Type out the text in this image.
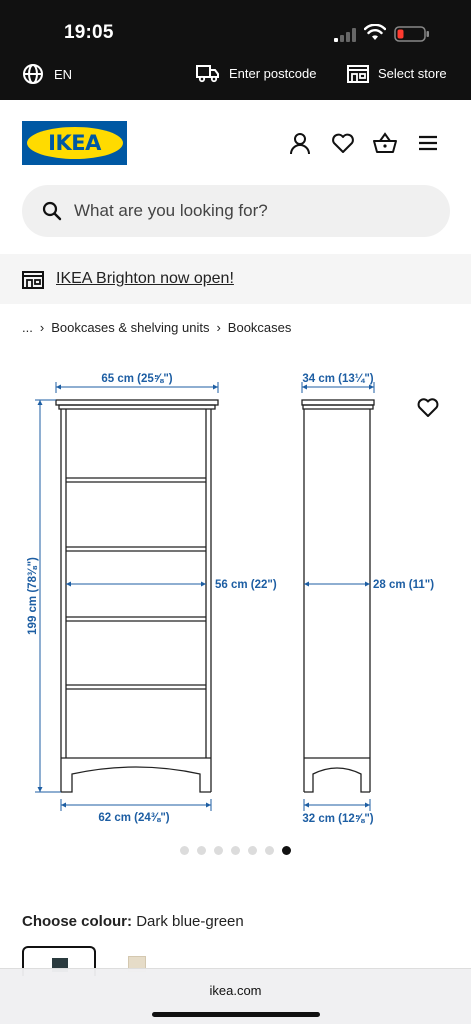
19:05
EN	Enter postcode	Select store
IKEA
What are you looking for?
IKEA Brighton now open!
... › Bookcases & shelving units › Bookcases
65 cm (25⅝")
199 cm (78⅜")	56 cm (22")
62 cm (24⅜")
34 cm (13¼")
28 cm (11")
32 cm (12⅝")
Choose colour: Dark blue-green
ikea.com
